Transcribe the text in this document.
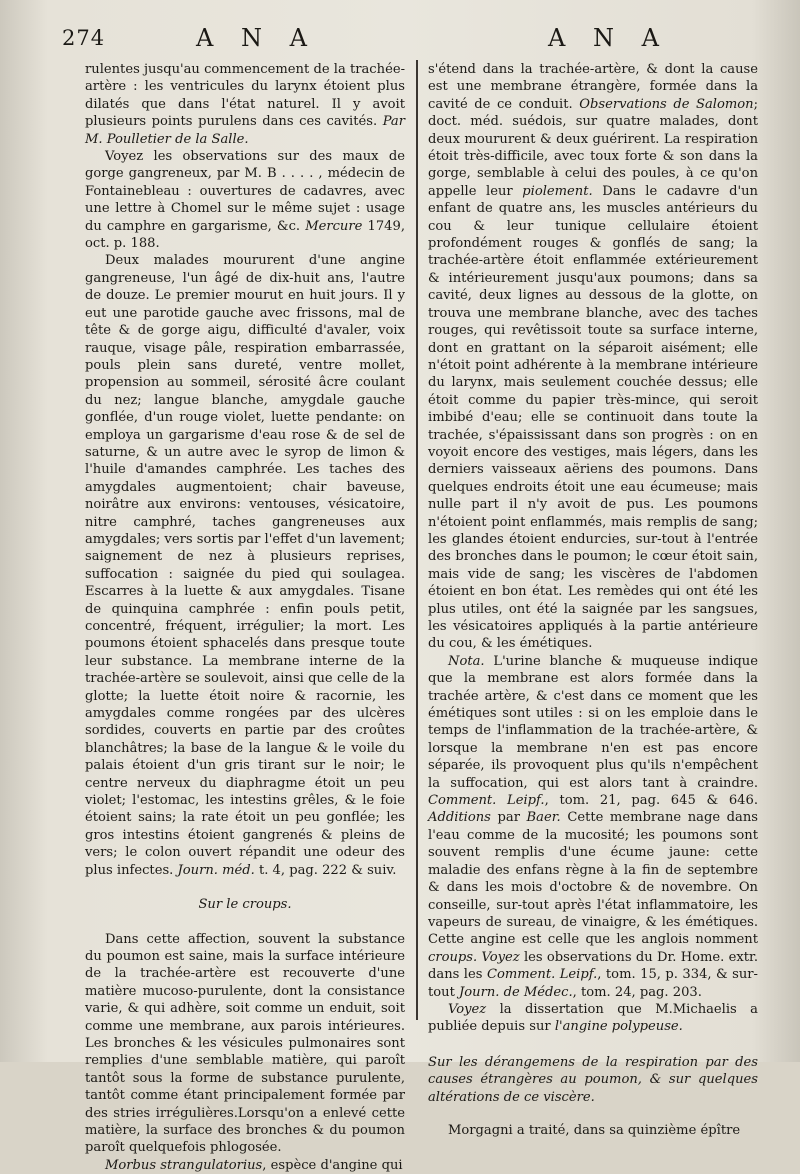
274	A N A	A N A

rulentes jusqu'au commencement de la trachée-artère : les ventricules du larynx étoient plus dilatés que dans l'état naturel. Il y avoit plusieurs points purulens dans ces cavités. Par M. Poulletier de la Salle.

Voyez les observations sur des maux de gorge gangreneux, par M. B . . . . , médecin de Fontainebleau : ouvertures de cadavres, avec une lettre à Chomel sur le même sujet : usage du camphre en gargarisme, &c. Mercure 1749, oct. p. 188.

Deux malades moururent d'une angine gangreneuse, l'un âgé de dix-huit ans, l'autre de douze. Le premier mourut en huit jours. Il y eut une parotide gauche avec frissons, mal de tête & de gorge aigu, difficulté d'avaler, voix rauque, visage pâle, respiration embarrassée, pouls plein sans dureté, ventre mollet, propension au sommeil, sérosité âcre coulant du nez; langue blanche, amygdale gauche gonflée, d'un rouge violet, luette pendante: on employa un gargarisme d'eau rose & de sel de saturne, & un autre avec le syrop de limon & l'huile d'amandes camphrée. Les taches des amygdales augmentoient; chair baveuse, noirâtre aux environs: ventouses, vésicatoire, nitre camphré, taches gangreneuses aux amygdales; vers sortis par l'effet d'un lavement; saignement de nez à plusieurs reprises, suffocation : saignée du pied qui soulagea. Escarres à la luette & aux amygdales. Tisane de quinquina camphrée : enfin pouls petit, concentré, fréquent, irrégulier; la mort. Les poumons étoient sphacelés dans presque toute leur substance. La membrane interne de la trachée-artère se soulevoit, ainsi que celle de la glotte; la luette étoit noire & racornie, les amygdales comme rongées par des ulcères sordides, couverts en partie par des croûtes blanchâtres; la base de la langue & le voile du palais étoient d'un gris tirant sur le noir; le centre nerveux du diaphragme étoit un peu violet; l'estomac, les intestins grêles, & le foie étoient sains; la rate étoit un peu gonflée; les gros intestins étoient gangrenés & pleins de vers; le colon ouvert répandit une odeur des plus infectes. Journ. méd. t. 4, pag. 222 & suiv.

Sur le croups.

Dans cette affection, souvent la substance du poumon est saine, mais la surface intérieure de la trachée-artère est recouverte d'une matière mucoso-purulente, dont la consistance varie, & qui adhère, soit comme un enduit, soit comme une membrane, aux parois intérieures. Les bronches & les vésicules pulmonaires sont remplies d'une semblable matière, qui paroît tantôt sous la forme de substance purulente, tantôt comme étant principalement formée par des stries irrégulières.Lorsqu'on a enlevé cette matière, la surface des bronches & du poumon paroît quelquefois phlogosée.

Morbus strangulatorius, espèce d'angine qui

s'étend dans la trachée-artère, & dont la cause est une membrane étrangère, formée dans la cavité de ce conduit. Observations de Salomon; doct. méd. suédois, sur quatre malades, dont deux moururent & deux guérirent. La respiration étoit très-difficile, avec toux forte & son dans la gorge, semblable à celui des poules, à ce qu'on appelle leur piolement. Dans le cadavre d'un enfant de quatre ans, les muscles antérieurs du cou & leur tunique cellulaire étoient profondément rouges & gonflés de sang; la trachée-artère étoit enflammée extérieurement & intérieurement jusqu'aux poumons; dans sa cavité, deux lignes au dessous de la glotte, on trouva une membrane blanche, avec des taches rouges, qui revêtissoit toute sa surface interne, dont en grattant on la séparoit aisément; elle n'étoit point adhérente à la membrane intérieure du larynx, mais seulement couchée dessus; elle étoit comme du papier très-mince, qui seroit imbibé d'eau; elle se continuoit dans toute la trachée, s'épaississant dans son progrès : on en voyoit encore des vestiges, mais légers, dans les derniers vaisseaux aëriens des poumons. Dans quelques endroits étoit une eau écumeuse; mais nulle part il n'y avoit de pus. Les poumons n'étoient point enflammés, mais remplis de sang; les glandes étoient endurcies, sur-tout à l'entrée des bronches dans le poumon; le cœur étoit sain, mais vide de sang; les viscères de l'abdomen étoient en bon état. Les remèdes qui ont été les plus utiles, ont été la saignée par les sangsues, les vésicatoires appliqués à la partie antérieure du cou, & les émétiques.

Nota. L'urine blanche & muqueuse indique que la membrane est alors formée dans la trachée artère, & c'est dans ce moment que les émétiques sont utiles : si on les emploie dans le temps de l'inflammation de la trachée-artère, & lorsque la membrane n'en est pas encore séparée, ils provoquent plus qu'ils n'empêchent la suffocation, qui est alors tant à craindre. Comment. Leipf., tom. 21, pag. 645 & 646. Additions par Baer. Cette membrane nage dans l'eau comme de la mucosité; les poumons sont souvent remplis d'une écume jaune: cette maladie des enfans règne à la fin de septembre & dans les mois d'octobre & de novembre. On conseille, sur-tout après l'état inflammatoire, les vapeurs de sureau, de vinaigre, & les émétiques. Cette angine est celle que les anglois nomment croups. Voyez les observations du Dr. Home. extr. dans les Comment. Leipf., tom. 15, p. 334, & sur-tout Journ. de Médec., tom. 24, pag. 203.

Voyez la dissertation que M.Michaelis a publiée depuis sur l'angine polypeuse.

Sur les dérangemens de la respiration par des causes étrangères au poumon, & sur quelques altérations de ce viscère.

Morgagni a traité, dans sa quinzième épître
